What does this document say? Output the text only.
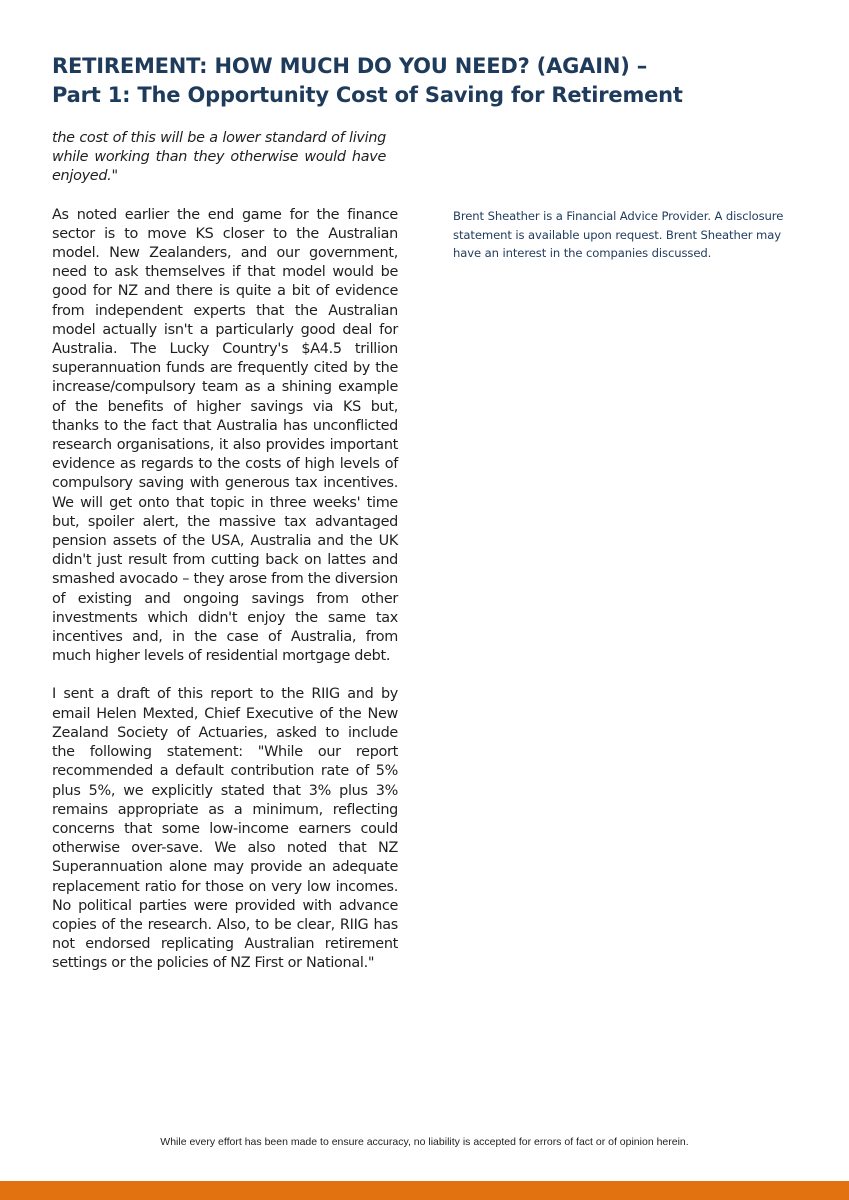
RETIREMENT: HOW MUCH DO YOU NEED? (AGAIN) –
Part 1: The Opportunity Cost of Saving for Retirement

the cost of this will be a lower standard of living while working than they otherwise would have enjoyed."

As noted earlier the end game for the finance sector is to move KS closer to the Australian model. New Zealanders, and our government, need to ask themselves if that model would be good for NZ and there is quite a bit of evidence from independent experts that the Australian model actually isn't a particularly good deal for Australia. The Lucky Country's $A4.5 trillion superannuation funds are frequently cited by the increase/compulsory team as a shining example of the benefits of higher savings via KS but, thanks to the fact that Australia has unconflicted research organisations, it also provides important evidence as regards to the costs of high levels of compulsory saving with generous tax incentives. We will get onto that topic in three weeks' time but, spoiler alert, the massive tax advantaged pension assets of the USA, Australia and the UK didn't just result from cutting back on lattes and smashed avocado – they arose from the diversion of existing and ongoing savings from other investments which didn't enjoy the same tax incentives and, in the case of Australia, from much higher levels of residential mortgage debt.

I sent a draft of this report to the RIIG and by email Helen Mexted, Chief Executive of the New Zealand Society of Actuaries, asked to include the following statement: "While our report recommended a default contribution rate of 5% plus 5%, we explicitly stated that 3% plus 3% remains appropriate as a minimum, reflecting concerns that some low-income earners could otherwise over-save. We also noted that NZ Superannuation alone may provide an adequate replacement ratio for those on very low incomes. No political parties were provided with advance copies of the research. Also, to be clear, RIIG has not endorsed replicating Australian retirement settings or the policies of NZ First or National."

Brent Sheather is a Financial Advice Provider. A disclosure statement is available upon request. Brent Sheather may have an interest in the companies discussed.

While every effort has been made to ensure accuracy, no liability is accepted for errors of fact or of opinion herein.
